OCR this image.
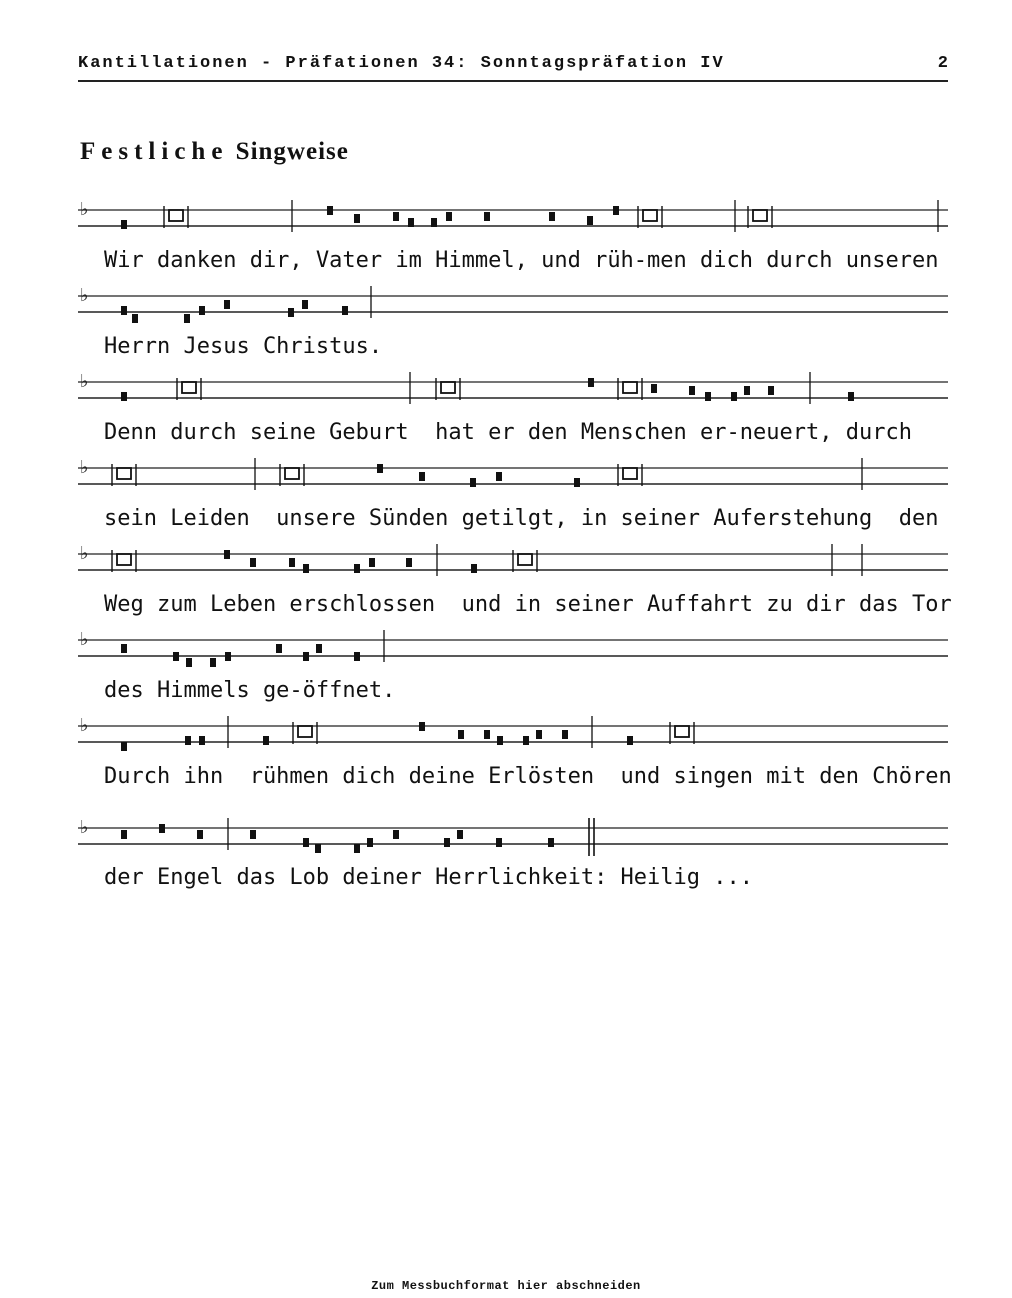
Kantillationen - Präfationen 34: Sonntagspräfation IV	2
Festliche Singweise
♭
♭
♭
♭
♭
♭
♭
♭
Wir danken dir, Vater im Himmel, und rüh-men dich durch unseren
Herrn Jesus Christus.
Denn durch seine Geburt  hat er den Menschen er-neuert, durch
sein Leiden  unsere Sünden getilgt, in seiner Auferstehung  den
Weg zum Leben erschlossen  und in seiner Auffahrt zu dir das Tor
des Himmels ge-öffnet.
Durch ihn  rühmen dich deine Erlösten  und singen mit den Chören
der Engel das Lob deiner Herrlichkeit: Heilig ...
Zum Messbuchformat hier abschneiden
